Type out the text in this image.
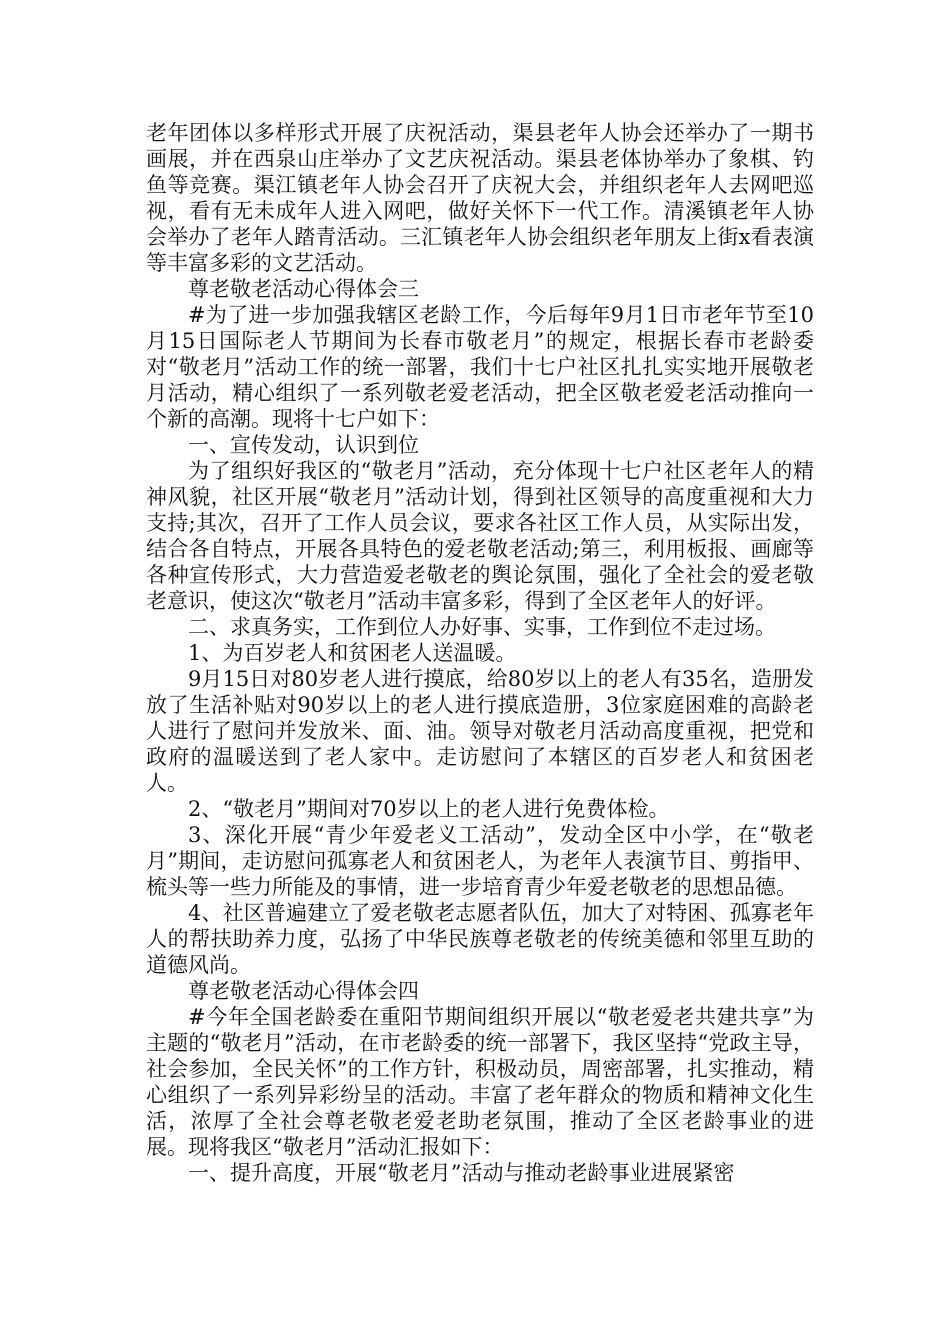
老年团体以多样形式开展了庆祝活动，渠县老年人协会还举办了一期书画展，并在西泉山庄举办了文艺庆祝活动。渠县老体协举办了象棋、钓鱼等竞赛。渠江镇老年人协会召开了庆祝大会，并组织老年人去网吧巡视，看有无未成年人进入网吧，做好关怀下一代工作。清溪镇老年人协会举办了老年人踏青活动。三汇镇老年人协会组织老年朋友上街x看表演等丰富多彩的文艺活动。

尊老敬老活动心得体会三

#为了进一步加强我辖区老龄工作，今后每年9月1日市老年节至10月15日国际老人节期间为长春市敬老月”的规定，根据长春市老龄委对“敬老月”活动工作的统一部署，我们十七户社区扎扎实实地开展敬老月活动，精心组织了一系列敬老爱老活动，把全区敬老爱老活动推向一个新的高潮。现将十七户如下：

一、宣传发动，认识到位

为了组织好我区的“敬老月”活动，充分体现十七户社区老年人的精神风貌，社区开展“敬老月”活动计划，得到社区领导的高度重视和大力支持;其次，召开了工作人员会议，要求各社区工作人员，从实际出发，结合各自特点，开展各具特色的爱老敬老活动;第三，利用板报、画廊等各种宣传形式，大力营造爱老敬老的舆论氛围，强化了全社会的爱老敬老意识，使这次“敬老月”活动丰富多彩，得到了全区老年人的好评。

二、求真务实，工作到位人办好事、实事，工作到位不走过场。

1、为百岁老人和贫困老人送温暖。

9月15日对80岁老人进行摸底，给80岁以上的老人有35名，造册发放了生活补贴对90岁以上的老人进行摸底造册，3位家庭困难的高龄老人进行了慰问并发放米、面、油。领导对敬老月活动高度重视，把党和政府的温暖送到了老人家中。走访慰问了本辖区的百岁老人和贫困老人。

2、“敬老月”期间对70岁以上的老人进行免费体检。

3、深化开展“青少年爱老义工活动”，发动全区中小学，在“敬老月”期间，走访慰问孤寡老人和贫困老人，为老年人表演节目、剪指甲、梳头等一些力所能及的事情，进一步培育青少年爱老敬老的思想品德。

4、社区普遍建立了爱老敬老志愿者队伍，加大了对特困、孤寡老年人的帮扶助养力度，弘扬了中华民族尊老敬老的传统美德和邻里互助的道德风尚。

尊老敬老活动心得体会四

#今年全国老龄委在重阳节期间组织开展以“敬老爱老共建共享”为主题的“敬老月”活动，在市老龄委的统一部署下，我区坚持“党政主导，社会参加，全民关怀”的工作方针，积极动员，周密部署，扎实推动，精心组织了一系列异彩纷呈的活动。丰富了老年群众的物质和精神文化生活，浓厚了全社会尊老敬老爱老助老氛围，推动了全区老龄事业的进展。现将我区“敬老月”活动汇报如下：

一、提升高度，开展“敬老月”活动与推动老龄事业进展紧密
